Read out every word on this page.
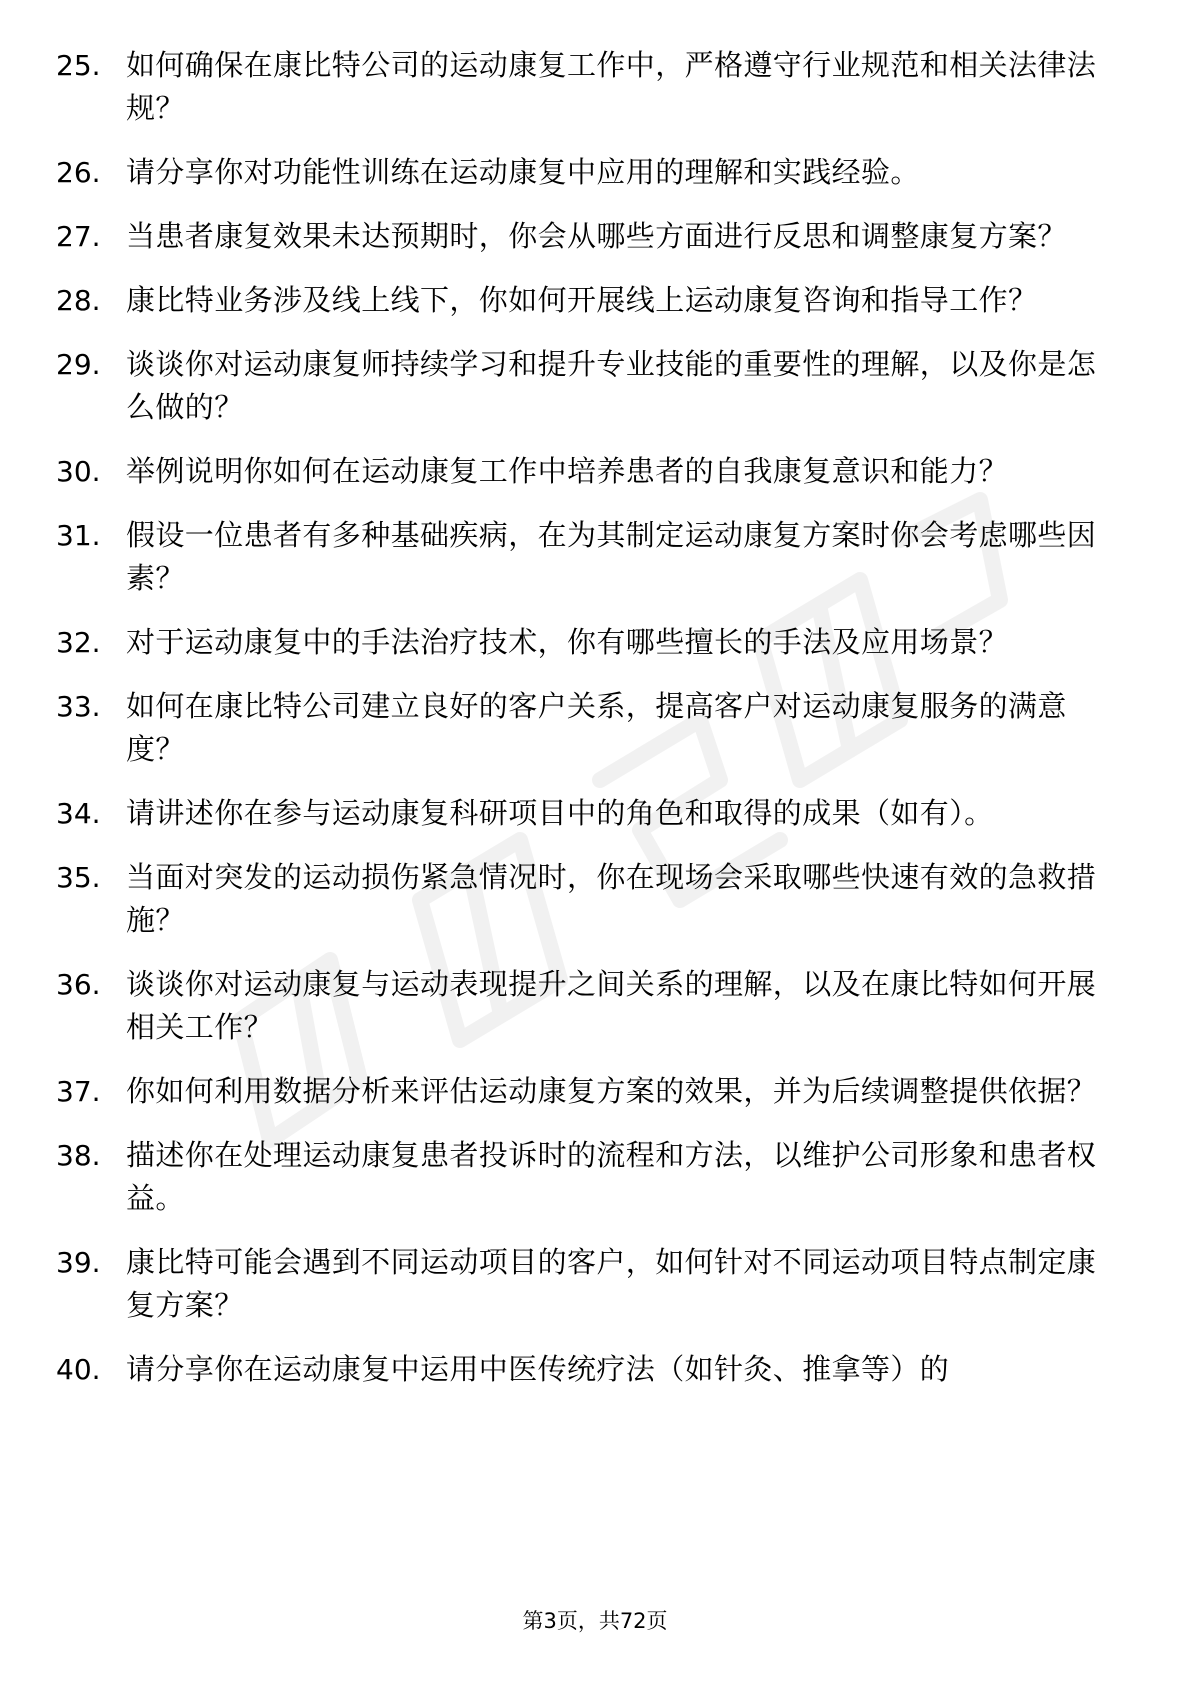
25. 如何确保在康比特公司的运动康复工作中，严格遵守行业规范和相关法律法规？
26. 请分享你对功能性训练在运动康复中应用的理解和实践经验。
27. 当患者康复效果未达预期时，你会从哪些方面进行反思和调整康复方案？
28. 康比特业务涉及线上线下，你如何开展线上运动康复咨询和指导工作？
29. 谈谈你对运动康复师持续学习和提升专业技能的重要性的理解，以及你是怎么做的？
30. 举例说明你如何在运动康复工作中培养患者的自我康复意识和能力？
31. 假设一位患者有多种基础疾病，在为其制定运动康复方案时你会考虑哪些因素？
32. 对于运动康复中的手法治疗技术，你有哪些擅长的手法及应用场景？
33. 如何在康比特公司建立良好的客户关系，提高客户对运动康复服务的满意度？
34. 请讲述你在参与运动康复科研项目中的角色和取得的成果（如有）。
35. 当面对突发的运动损伤紧急情况时，你在现场会采取哪些快速有效的急救措施？
36. 谈谈你对运动康复与运动表现提升之间关系的理解，以及在康比特如何开展相关工作？
37. 你如何利用数据分析来评估运动康复方案的效果，并为后续调整提供依据？
38. 描述你在处理运动康复患者投诉时的流程和方法，以维护公司形象和患者权益。
39. 康比特可能会遇到不同运动项目的客户，如何针对不同运动项目特点制定康复方案？
40. 请分享你在运动康复中运用中医传统疗法（如针灸、推拿等）的
第3页，共72页
